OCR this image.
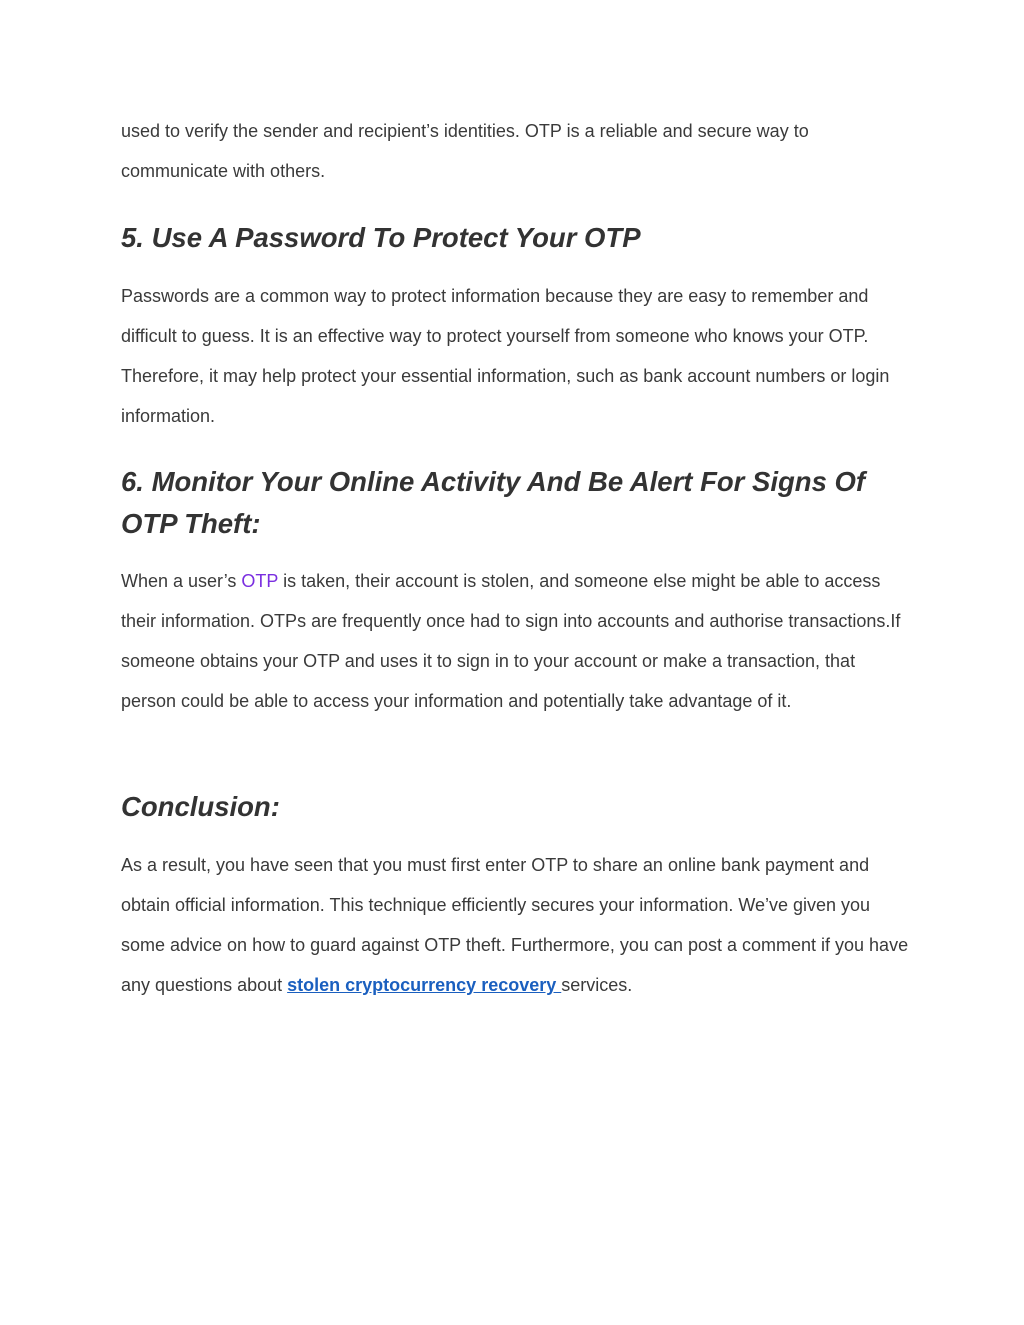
used to verify the sender and recipient’s identities. OTP is a reliable and secure way to communicate with others.

5. Use A Password To Protect Your OTP

Passwords are a common way to protect information because they are easy to remember and difficult to guess. It is an effective way to protect yourself from someone who knows your OTP. Therefore, it may help protect your essential information, such as bank account numbers or login information.

6. Monitor Your Online Activity And Be Alert For Signs Of OTP Theft:

When a user’s OTP is taken, their account is stolen, and someone else might be able to access their information. OTPs are frequently once had to sign into accounts and authorise transactions.If someone obtains your OTP and uses it to sign in to your account or make a transaction, that person could be able to access your information and potentially take advantage of it.

Conclusion:

As a result, you have seen that you must first enter OTP to share an online bank payment and obtain official information. This technique efficiently secures your information. We’ve given you some advice on how to guard against OTP theft. Furthermore, you can post a comment if you have any questions about stolen cryptocurrency recovery services.
